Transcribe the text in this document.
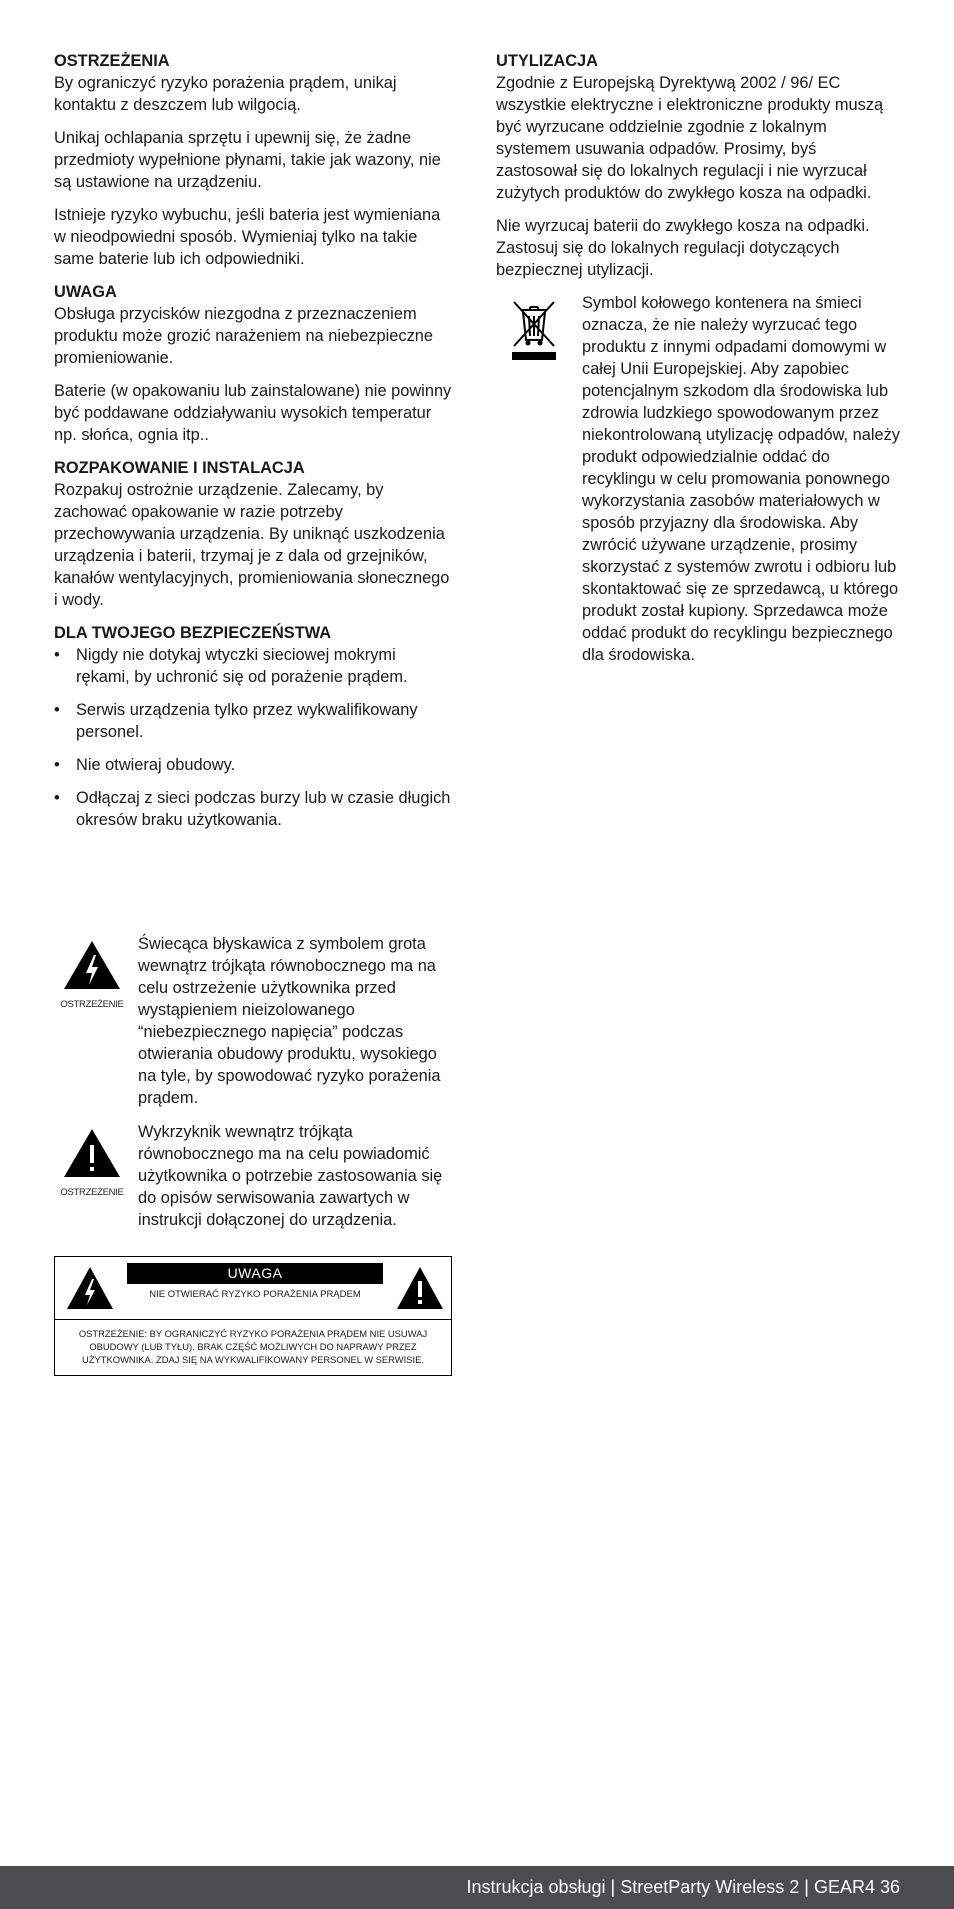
OSTRZEŻENIA

By ograniczyć ryzyko porażenia prądem, unikaj kontaktu z deszczem lub wilgocią.

Unikaj ochlapania sprzętu i upewnij się, że żadne przedmioty wypełnione płynami, takie jak wazony, nie są ustawione na urządzeniu.

Istnieje ryzyko wybuchu, jeśli bateria jest wymieniana w nieodpowiedni sposób. Wymieniaj tylko na takie same baterie lub ich odpowiedniki.

UWAGA

Obsługa przycisków niezgodna z przeznaczeniem produktu może grozić narażeniem na niebezpieczne promieniowanie.

Baterie (w opakowaniu lub zainstalowane) nie powinny być poddawane oddziaływaniu wysokich temperatur np. słońca, ognia itp..

ROZPAKOWANIE I INSTALACJA

Rozpakuj ostrożnie urządzenie. Zalecamy, by zachować opakowanie w razie potrzeby przechowywania urządzenia. By uniknąć uszkodzenia urządzenia i baterii, trzymaj je z dala od grzejników, kanałów wentylacyjnych, promieniowania słonecznego i wody.

DLA TWOJEGO BEZPIECZEŃSTWA
• Nigdy nie dotykaj wtyczki sieciowej mokrymi rękami, by uchronić się od porażenie prądem.
• Serwis urządzenia tylko przez wykwalifikowany personel.
• Nie otwieraj obudowy.
• Odłączaj z sieci podczas burzy lub w czasie długich okresów braku użytkowania.
OSTRZEŻENIE
Świecąca błyskawica z symbolem grota wewnątrz trójkąta równobocznego ma na celu ostrzeżenie użytkownika przed wystąpieniem nieizolowanego “niebezpiecznego napięcia” podczas otwierania obudowy produktu, wysokiego na tyle, by spowodować ryzyko porażenia prądem.
OSTRZEŻENIE
Wykrzyknik wewnątrz trójkąta równobocznego ma na celu powiadomić użytkownika o potrzebie zastosowania się do opisów serwisowania zawartych w instrukcji dołączonej do urządzenia.
UWAGA
NIE OTWIERAĆ RYZYKO PORAŻENIA PRĄDEM
OSTRZEŻENIE: BY OGRANICZYĆ RYZYKO PORAŻENIA PRĄDEM NIE USUWAJ OBUDOWY (LUB TYŁU). BRAK CZĘŚĆ MOŻLIWYCH DO NAPRAWY PRZEZ UŻYTKOWNIKA. ZDAJ SIĘ NA WYKWALIFIKOWANY PERSONEL W SERWISIE.
UTYLIZACJA

Zgodnie z Europejską Dyrektywą 2002 / 96/ EC wszystkie elektryczne i elektroniczne produkty muszą być wyrzucane oddzielnie zgodnie z lokalnym systemem usuwania odpadów. Prosimy, byś zastosował się do lokalnych regulacji i nie wyrzucał zużytych produktów do zwykłego kosza na odpadki.

Nie wyrzucaj baterii do zwykłego kosza na odpadki. Zastosuj się do lokalnych regulacji dotyczących bezpiecznej utylizacji.

Symbol kołowego kontenera na śmieci oznacza, że nie należy wyrzucać tego produktu z innymi odpadami domowymi w całej Unii Europejskiej. Aby zapobiec potencjalnym szkodom dla środowiska lub zdrowia ludzkiego spowodowanym przez niekontrolowaną utylizację odpadów, należy produkt odpowiedzialnie oddać do recyklingu w celu promowania ponownego wykorzystania zasobów materiałowych w sposób przyjazny dla środowiska. Aby zwrócić używane urządzenie, prosimy skorzystać z systemów zwrotu i odbioru lub skontaktować się ze sprzedawcą, u którego produkt został kupiony. Sprzedawca może oddać produkt do recyklingu bezpiecznego dla środowiska.
Instrukcja obsługi | StreetParty Wireless 2 | GEAR4 36
